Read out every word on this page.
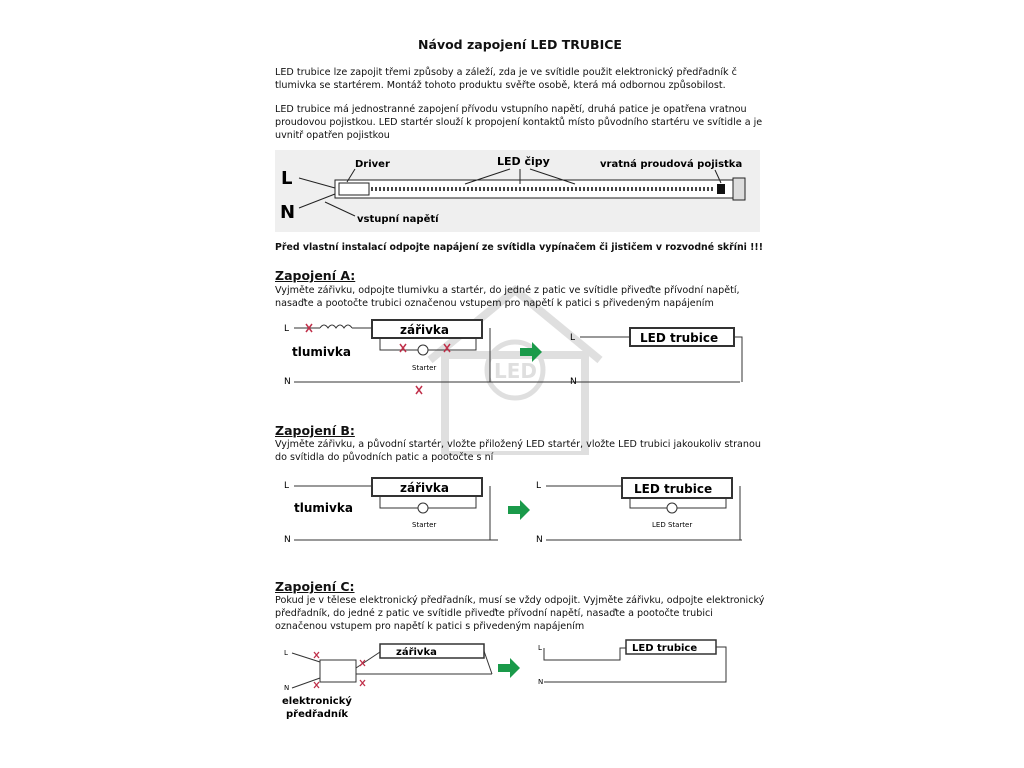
Návod zapojení LED TRUBICE
LED trubice lze zapojit třemi způsoby a záleží, zda je ve svítidle použit elektronický předřadník č tlumivka se startérem. Montáž tohoto produktu svěřte osobě, která má odbornou způsobilost.
LED trubice má jednostranné zapojení přívodu vstupního napětí, druhá patice je opatřena vratnou proudovou pojistkou. LED startér slouží k propojení kontaktů místo původního startéru ve svítidle a je uvnitř opatřen pojistkou
L
N
Driver	LED čipy	vratná proudová pojistka
vstupní napětí
Před vlastní instalací odpojte napájení ze svítidla vypínačem či jističem v rozvodné skříni !!!
LED
Zapojení A:
Vyjměte zářivku, odpojte tlumivku a startér, do jedné z patic ve svítidle přiveďte přívodní napětí, nasaďte a pootočte trubici označenou vstupem pro napětí k patici s přivedeným napájením
L
N
zářivka
tlumivka
Starter
L
N
LED trubice
Zapojení B:
Vyjměte zářivku, a původní startér, vložte přiložený LED startér, vložte LED trubici jakoukoliv stranou do svítidla do původních patic a pootočte s ní
L
N
zářivka
tlumivka
Starter
L
N
LED trubice
LED Starter
Zapojení C:
Pokud je v tělese elektronický předřadník, musí se vždy odpojit. Vyjměte zářivku, odpojte elektronický předřadník, do jedné z patic ve svítidle přiveďte přívodní napětí, nasaďte a pootočte trubici označenou vstupem pro napětí k patici s přivedeným napájením
L
N
zářivka
elektronický
předřadník
L
N
LED trubice
